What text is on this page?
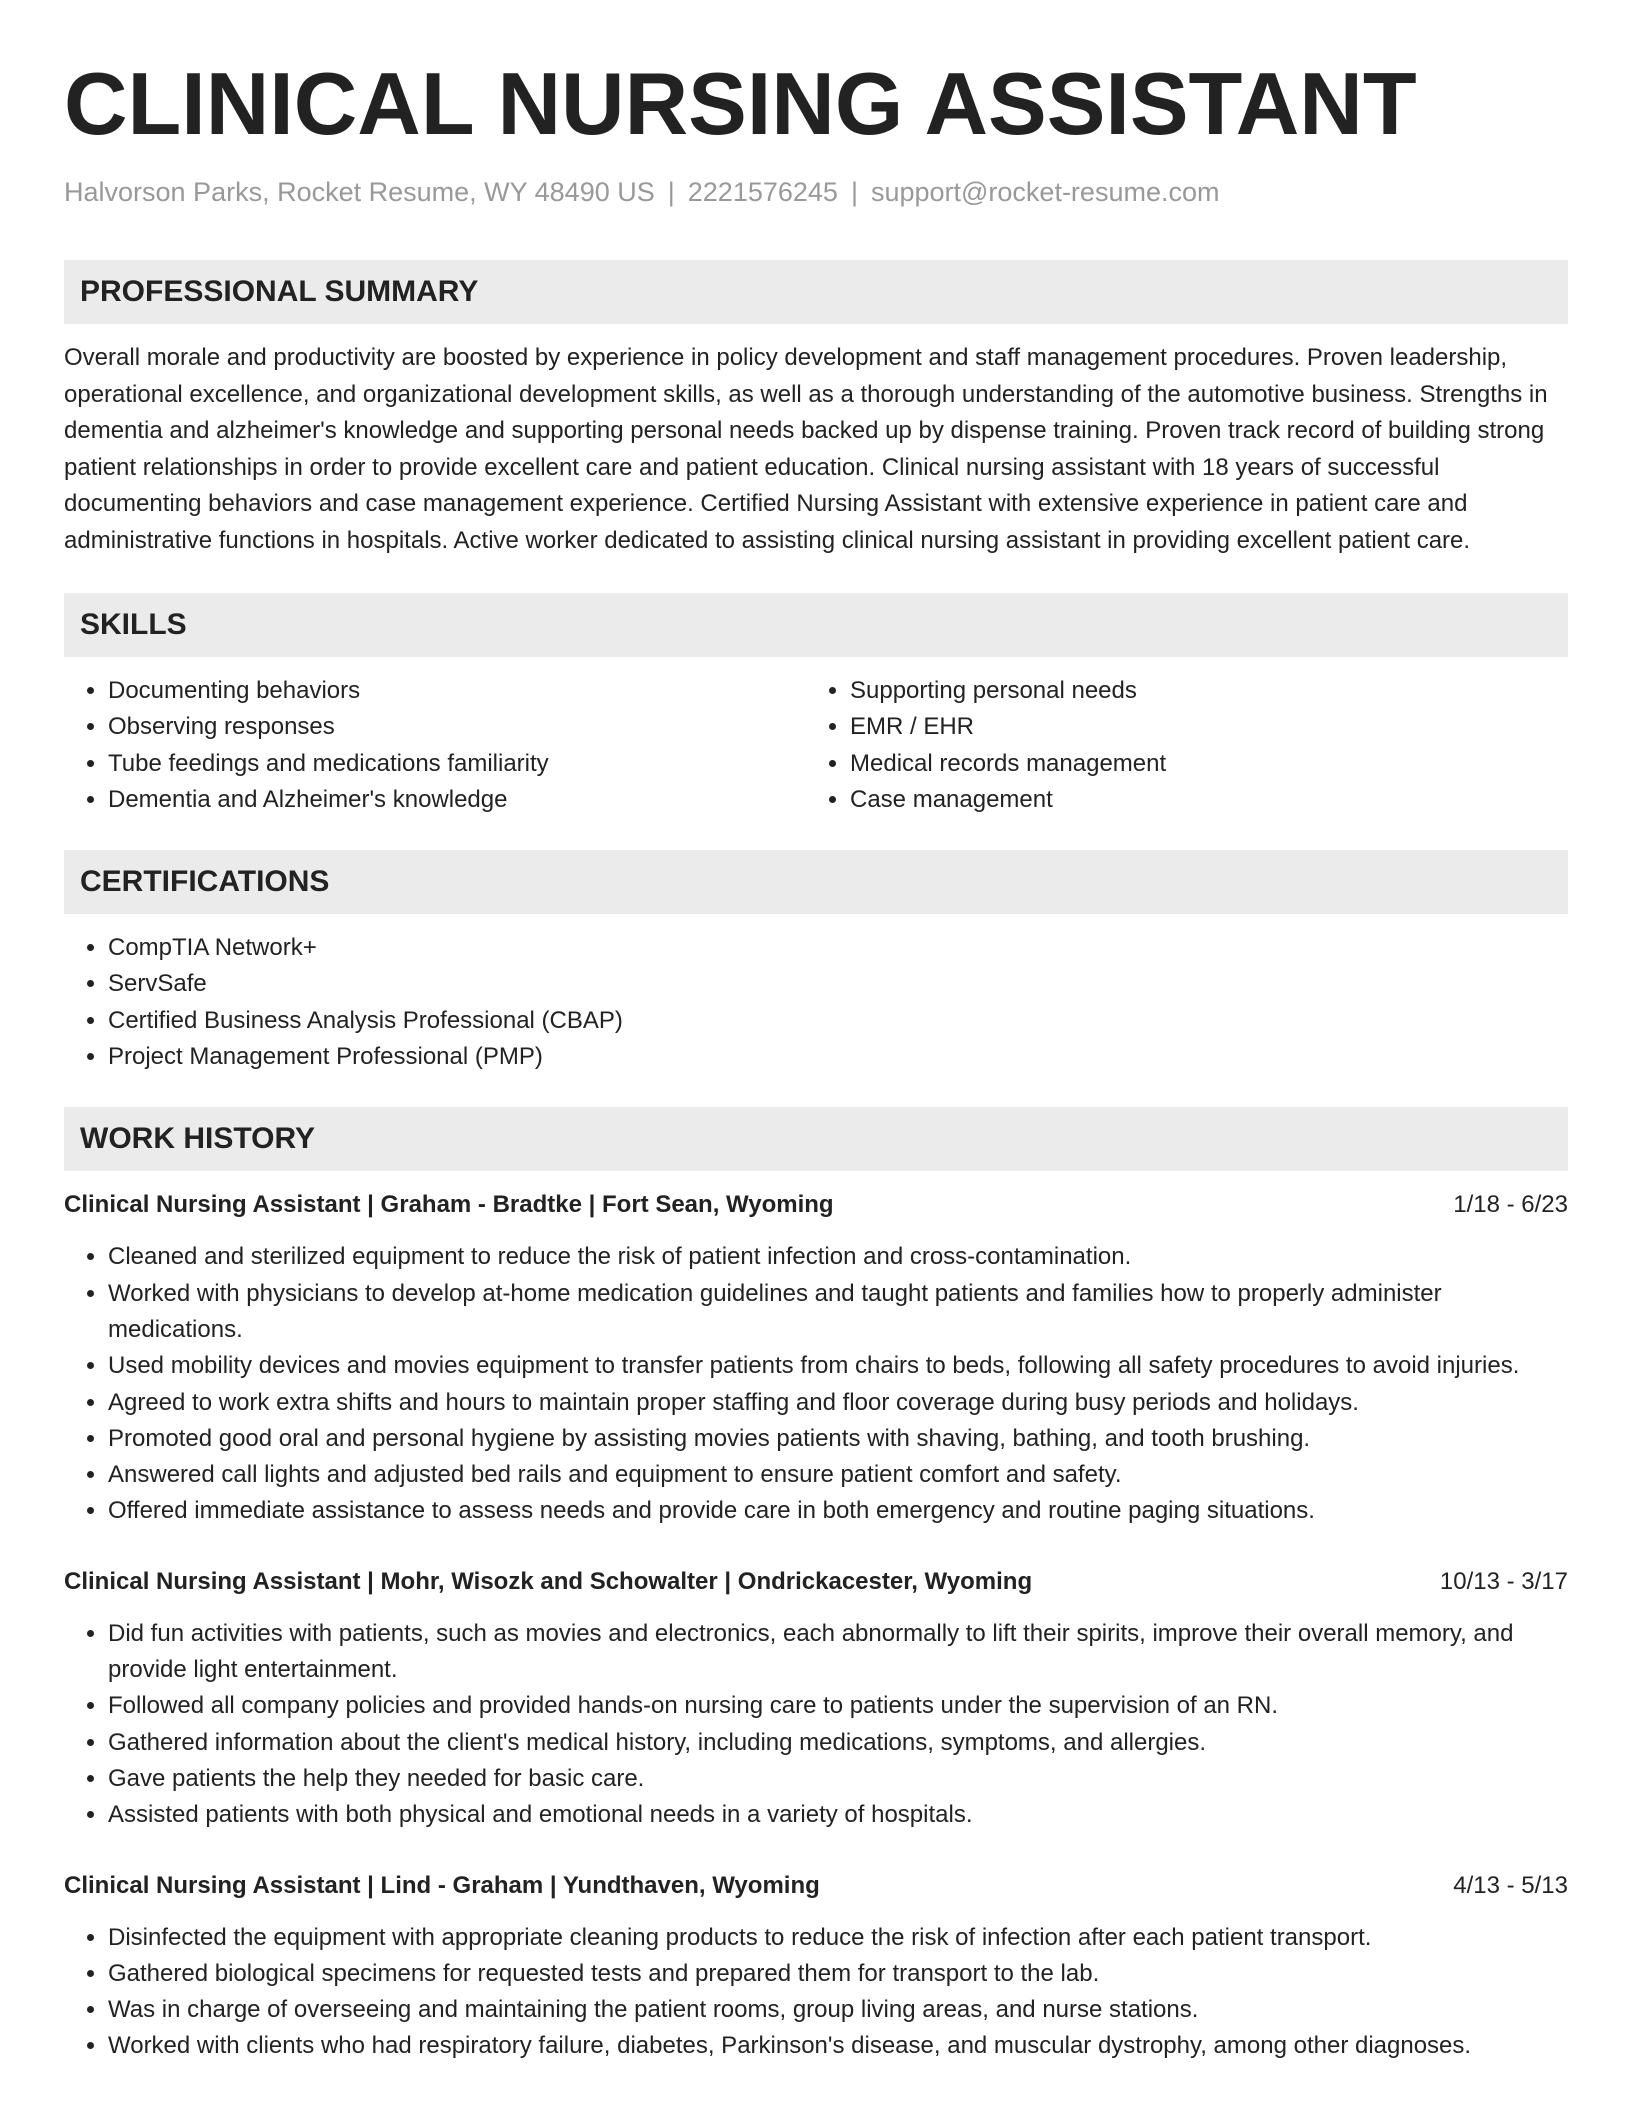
CLINICAL NURSING ASSISTANT
Halvorson Parks, Rocket Resume, WY 48490 US | 2221576245 | support@rocket-resume.com
PROFESSIONAL SUMMARY

Overall morale and productivity are boosted by experience in policy development and staff management procedures. Proven leadership, operational excellence, and organizational development skills, as well as a thorough understanding of the automotive business. Strengths in dementia and alzheimer's knowledge and supporting personal needs backed up by dispense training. Proven track record of building strong patient relationships in order to provide excellent care and patient education. Clinical nursing assistant with 18 years of successful documenting behaviors and case management experience. Certified Nursing Assistant with extensive experience in patient care and administrative functions in hospitals. Active worker dedicated to assisting clinical nursing assistant in providing excellent patient care.

SKILLS
• Documenting behaviors
• Observing responses
• Tube feedings and medications familiarity
• Dementia and Alzheimer's knowledge
• Supporting personal needs
• EMR / EHR
• Medical records management
• Case management
CERTIFICATIONS
• CompTIA Network+
• ServSafe
• Certified Business Analysis Professional (CBAP)
• Project Management Professional (PMP)
WORK HISTORY
Clinical Nursing Assistant | Graham - Bradtke | Fort Sean, Wyoming	1/18 - 6/23
• Cleaned and sterilized equipment to reduce the risk of patient infection and cross-contamination.
• Worked with physicians to develop at-home medication guidelines and taught patients and families how to properly administer medications.
• Used mobility devices and movies equipment to transfer patients from chairs to beds, following all safety procedures to avoid injuries.
• Agreed to work extra shifts and hours to maintain proper staffing and floor coverage during busy periods and holidays.
• Promoted good oral and personal hygiene by assisting movies patients with shaving, bathing, and tooth brushing.
• Answered call lights and adjusted bed rails and equipment to ensure patient comfort and safety.
• Offered immediate assistance to assess needs and provide care in both emergency and routine paging situations.
Clinical Nursing Assistant | Mohr, Wisozk and Schowalter | Ondrickacester, Wyoming	10/13 - 3/17
• Did fun activities with patients, such as movies and electronics, each abnormally to lift their spirits, improve their overall memory, and provide light entertainment.
• Followed all company policies and provided hands-on nursing care to patients under the supervision of an RN.
• Gathered information about the client's medical history, including medications, symptoms, and allergies.
• Gave patients the help they needed for basic care.
• Assisted patients with both physical and emotional needs in a variety of hospitals.
Clinical Nursing Assistant | Lind - Graham | Yundthaven, Wyoming	4/13 - 5/13
• Disinfected the equipment with appropriate cleaning products to reduce the risk of infection after each patient transport.
• Gathered biological specimens for requested tests and prepared them for transport to the lab.
• Was in charge of overseeing and maintaining the patient rooms, group living areas, and nurse stations.
• Worked with clients who had respiratory failure, diabetes, Parkinson's disease, and muscular dystrophy, among other diagnoses.
